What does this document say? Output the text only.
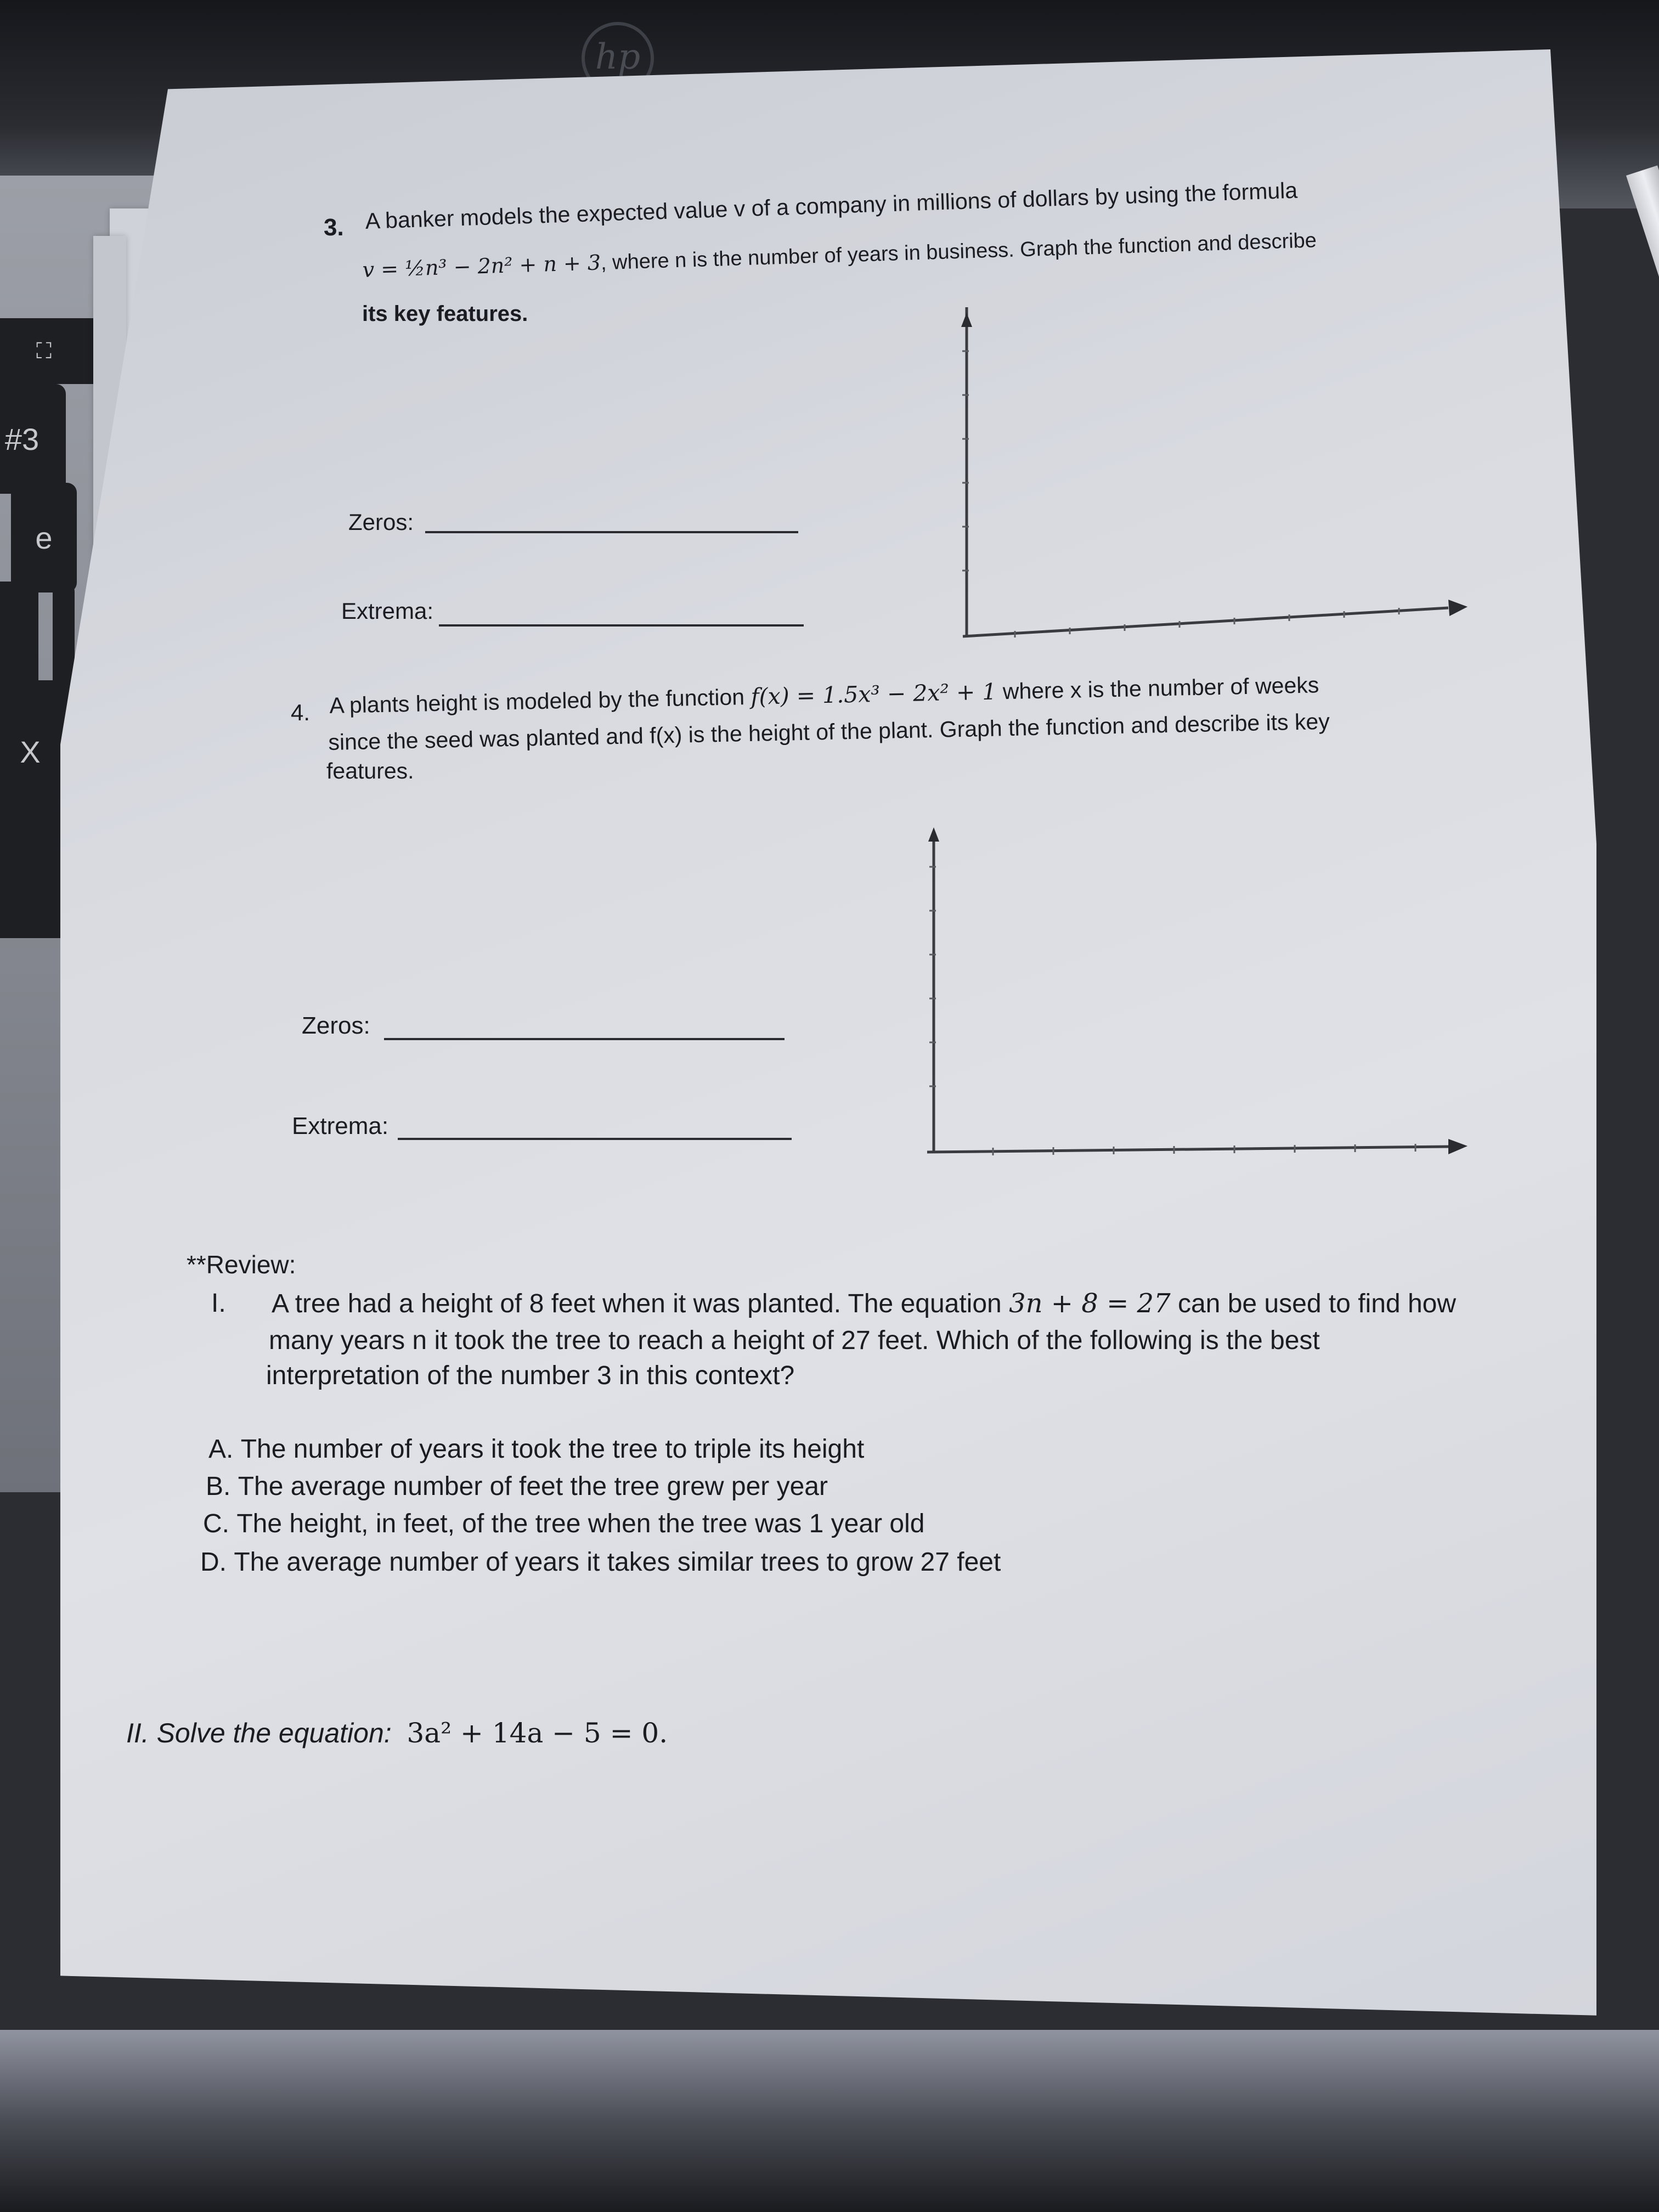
hp
⛶
#3
e
X
3. A banker models the expected value v of a company in millions of dollars by using the formula
v = ½n³ − 2n² + n + 3, where n is the number of years in business. Graph the function and describe
its key features.
Zeros:
Extrema:
4. A plants height is modeled by the function f(x) = 1.5x³ − 2x² + 1 where x is the number of weeks
since the seed was planted and f(x) is the height of the plant. Graph the function and describe its key
features.
Zeros:
Extrema:
**Review:
I. A tree had a height of 8 feet when it was planted. The equation 3n + 8 = 27 can be used to find how
many years n it took the tree to reach a height of 27 feet. Which of the following is the best
interpretation of the number 3 in this context?
A. The number of years it took the tree to triple its height
B. The average number of feet the tree grew per year
C. The height, in feet, of the tree when the tree was 1 year old
D. The average number of years it takes similar trees to grow 27 feet
II. Solve the equation: 3a² + 14a − 5 = 0.
